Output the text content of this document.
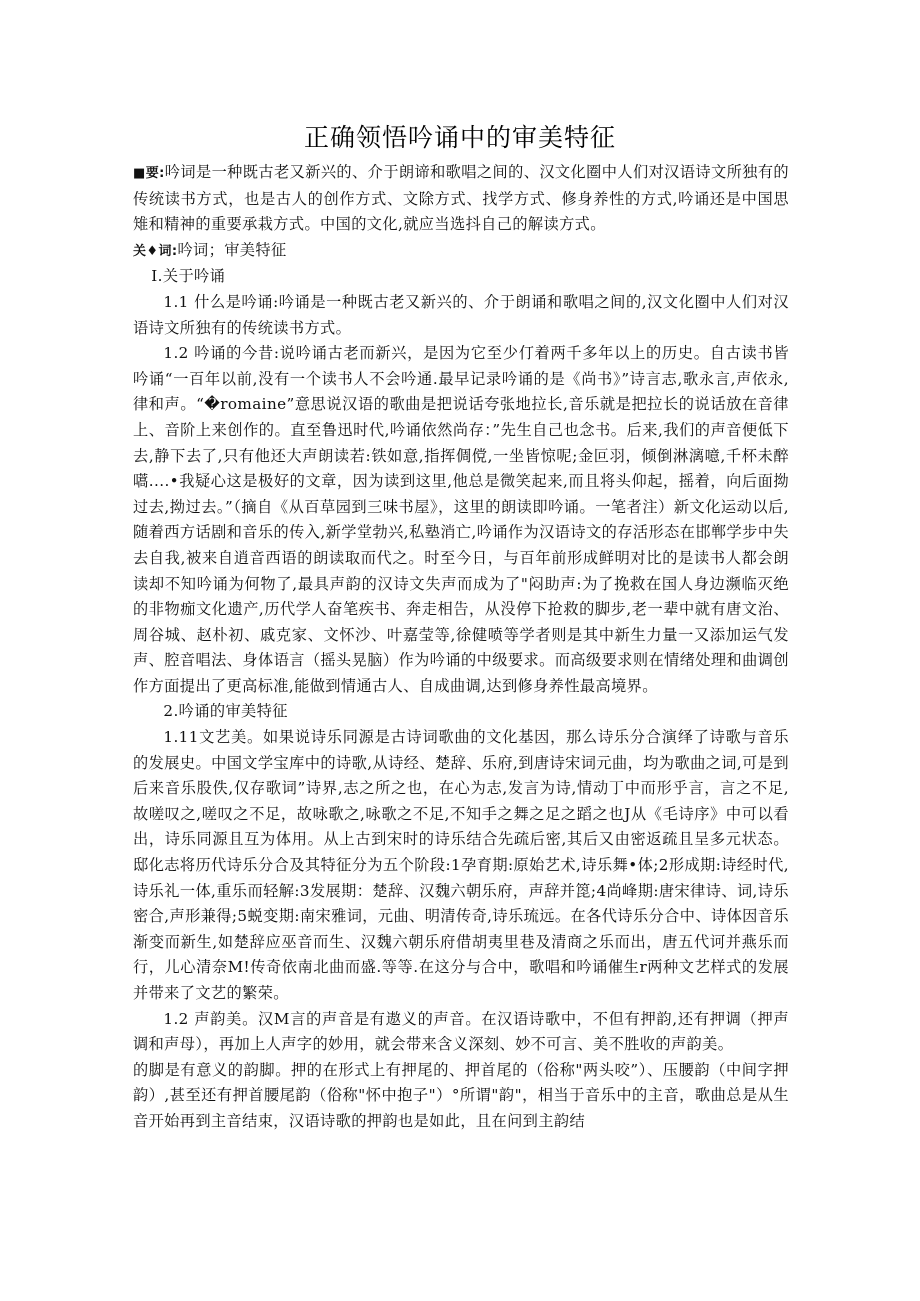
正确领悟吟诵中的审美特征

■要:吟词是一种既古老又新兴的、介于朗谛和歌唱之间的、汉文化圈中人们对汉语诗文所独有的传统读书方式，也是古人的创作方式、文除方式、找学方式、修身养性的方式,吟诵还是中国思雉和精神的重要承栽方式。中国的文化,就应当选抖自己的解读方式。

关♦词:吟词；审美特征

I.关于吟诵

1.1 什么是吟诵:吟诵是一种既古老又新兴的、介于朗诵和歌唱之间的,汉文化圈中人们对汉语诗文所独有的传统读书方式。

1.2 吟诵的今昔:说吟诵古老而新兴，是因为它至少仃着两千多年以上的历史。自古读书皆吟诵“一百年以前,没有一个读书人不会吟通.最早记录吟诵的是《尚书》”诗言志,歌永言,声依永,律和声。“�romaine”意思说汉语的歌曲是把说话夸张地拉长,音乐就是把拉长的说话放在音律上、音阶上来创作的。直至鲁迅时代,吟诵依然尚存：”先生自己也念书。后来,我们的声音便低下去,静下去了,只有他还大声朗读若:铁如意,指挥倜傥,一坐皆惊呢;金叵羽，倾倒淋漓噫,千杯未醉嚆....•我疑心这是极好的文章，因为读到这里,他总是微笑起来,而且将头仰起，摇着，向后面拗过去,拗过去。”（摘自《从百草园到三味书屋》，这里的朗读即吟诵。一笔者注）新文化运动以后,随着西方话剧和音乐的传入,新学堂勃兴,私塾消亡,吟诵作为汉语诗文的存活形态在邯郸学步中失去自我,被来自逍音西语的朗读取而代之。时至今日，与百年前形成鲜明对比的是读书人都会朗读却不知吟诵为何物了,最具声韵的汉诗文失声而成为了"闷助声:为了挽救在国人身边濒临灭绝的非物痂文化遗产,历代学人奋笔疾书、奔走相告，从没停下抢救的脚步,老一辈中就有唐文治、周谷城、赵朴初、戚克家、文怀沙、叶嘉莹等,徐健喷等学者则是其中新生力量一又添加运气发声、腔音唱法、身体语言（摇头晃脑）作为吟诵的中级要求。而高级要求则在情绪处理和曲调创作方面提出了更高标准,能做到情通古人、自成曲调,达到修身养性最高境界。

2.吟诵的审美特征

1.11文艺美。如果说诗乐同源是古诗词歌曲的文化基因，那么诗乐分合演绎了诗歌与音乐的发展史。中国文学宝库中的诗歌,从诗经、楚辞、乐府,到唐诗宋词元曲，均为歌曲之词,可是到后来音乐股佚,仅存歌词”诗界,志之所之也，在心为志,发言为诗,情动丁中而形乎言，言之不足,故嗟叹之,嗟叹之不足，故咏歌之,咏歌之不足,不知手之舞之足之蹈之也J从《毛诗序》中可以看出，诗乐同源且互为体用。从上古到宋时的诗乐结合先疏后密,其后又由密返疏且呈多元状态。邸化志将历代诗乐分合及其特征分为五个阶段:1孕育期:原始艺术,诗乐舞•体;2形成期:诗经时代,诗乐礼一体,重乐而轻解:3发展期：楚辞、汉魏六朝乐府，声辞并箆;4尚峰期:唐宋律诗、词,诗乐密合,声形兼得;5蜕变期:南宋雅词，元曲、明清传奇,诗乐琉远。在各代诗乐分合中、诗体因音乐渐变而新生,如楚辞应巫音而生、汉魏六朝乐府借胡夷里巷及清商之乐而出，唐五代诃并燕乐而行，儿心清奈M!传奇依南北曲而盛.等等.在这分与合中，歌唱和吟诵催生r两种文艺样式的发展并带来了文艺的繁荣。

1.2 声韵美。汉M言的声音是有遨义的声音。在汉语诗歌中，不但有押韵,还有押调（押声调和声母），再加上人声字的妙用，就会带来含义深刻、妙不可言、美不胜收的声韵美。

的脚是有意义的韵脚。押的在形式上有押尾的、押首尾的（俗称"两头咬”）、压腰韵（中间字押韵）,甚至还有押首腰尾韵（俗称"怀中抱子"）°所谓"韵"，相当于音乐中的主音，歌曲总是从生音开始再到主音结束，汉语诗歌的押韵也是如此，且在问到主韵结
